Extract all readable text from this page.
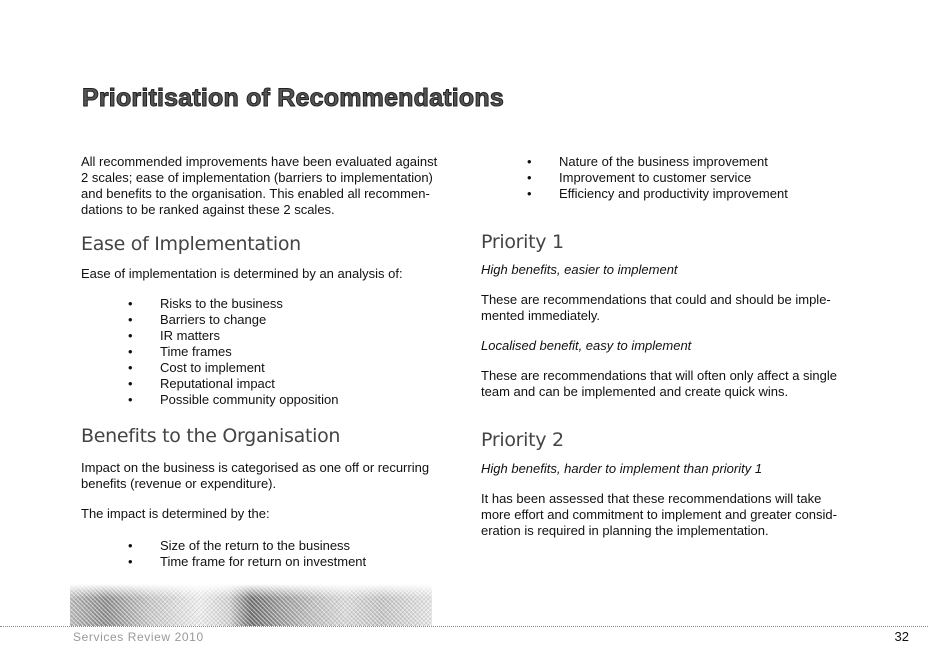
Prioritisation of Recommendations

All recommended improvements have been evaluated against
2 scales; ease of implementation (barriers to implementation)
and benefits to the organisation. This enabled all recommen-
dations to be ranked against these 2 scales.

Ease of Implementation

Ease of implementation is determined by an analysis of:

• Risks to the business
• Barriers to change
• IR matters
• Time frames
• Cost to implement
• Reputational impact
• Possible community opposition
Benefits to the Organisation

Impact on the business is categorised as one off or recurring
benefits (revenue or expenditure).

The impact is determined by the:

• Size of the return to the business
• Time frame for return on investment
• Nature of the business improvement
• Improvement to customer service
• Efficiency and productivity improvement
Priority 1

High benefits, easier to implement

These are recommendations that could and should be imple-
mented immediately.

Localised benefit, easy to implement

These are recommendations that will often only affect a single
team and can be implemented and create quick wins.

Priority 2

High benefits, harder to implement than priority 1

It has been assessed that these recommendations will take
more effort and commitment to implement and greater consid-
eration is required in planning the implementation.

Services Review 2010	32
